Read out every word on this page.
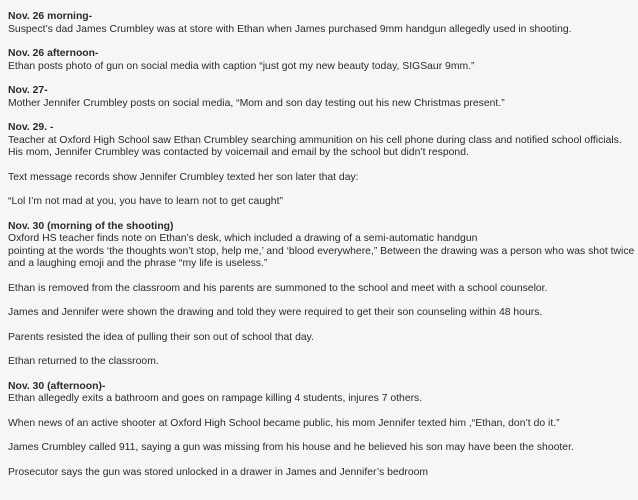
Nov. 26 morning-
Suspect’s dad James Crumbley was at store with Ethan when James purchased 9mm handgun allegedly used in shooting.
Nov. 26 afternoon-
Ethan posts photo of gun on social media with caption “just got my new beauty today, SIGSaur 9mm.”
Nov. 27-
Mother Jennifer Crumbley posts on social media, “Mom and son day testing out his new Christmas present.”
Nov. 29. -
Teacher at Oxford High School saw Ethan Crumbley searching ammunition on his cell phone during class and notified school officials.
His mom, Jennifer Crumbley was contacted by voicemail and email by the school but didn’t respond.
Text message records show Jennifer Crumbley texted her son later that day:
“Lol I’m not mad at you, you have to learn not to get caught”
Nov. 30 (morning of the shooting)
Oxford HS teacher finds note on Ethan’s desk, which included a drawing of a semi-automatic handgun
pointing at the words ‘the thoughts won’t stop, help me,’ and ‘blood everywhere,” Between the drawing was a person who was shot twice
and a laughing emoji and the phrase “my life is useless.”
Ethan is removed from the classroom and his parents are summoned to the school and meet with a school counselor.
James and Jennifer were shown the drawing and told they were required to get their son counseling within 48 hours.
Parents resisted the idea of pulling their son out of school that day.
Ethan returned to the classroom.
Nov. 30 (afternoon)-
Ethan allegedly exits a bathroom and goes on rampage killing 4 students, injures 7 others.
When news of an active shooter at Oxford High School became public, his mom Jennifer texted him ,“Ethan, don’t do it.”
James Crumbley called 911, saying a gun was missing from his house and he believed his son may have been the shooter.
Prosecutor says the gun was stored unlocked in a drawer in James and Jennifer’s bedroom
